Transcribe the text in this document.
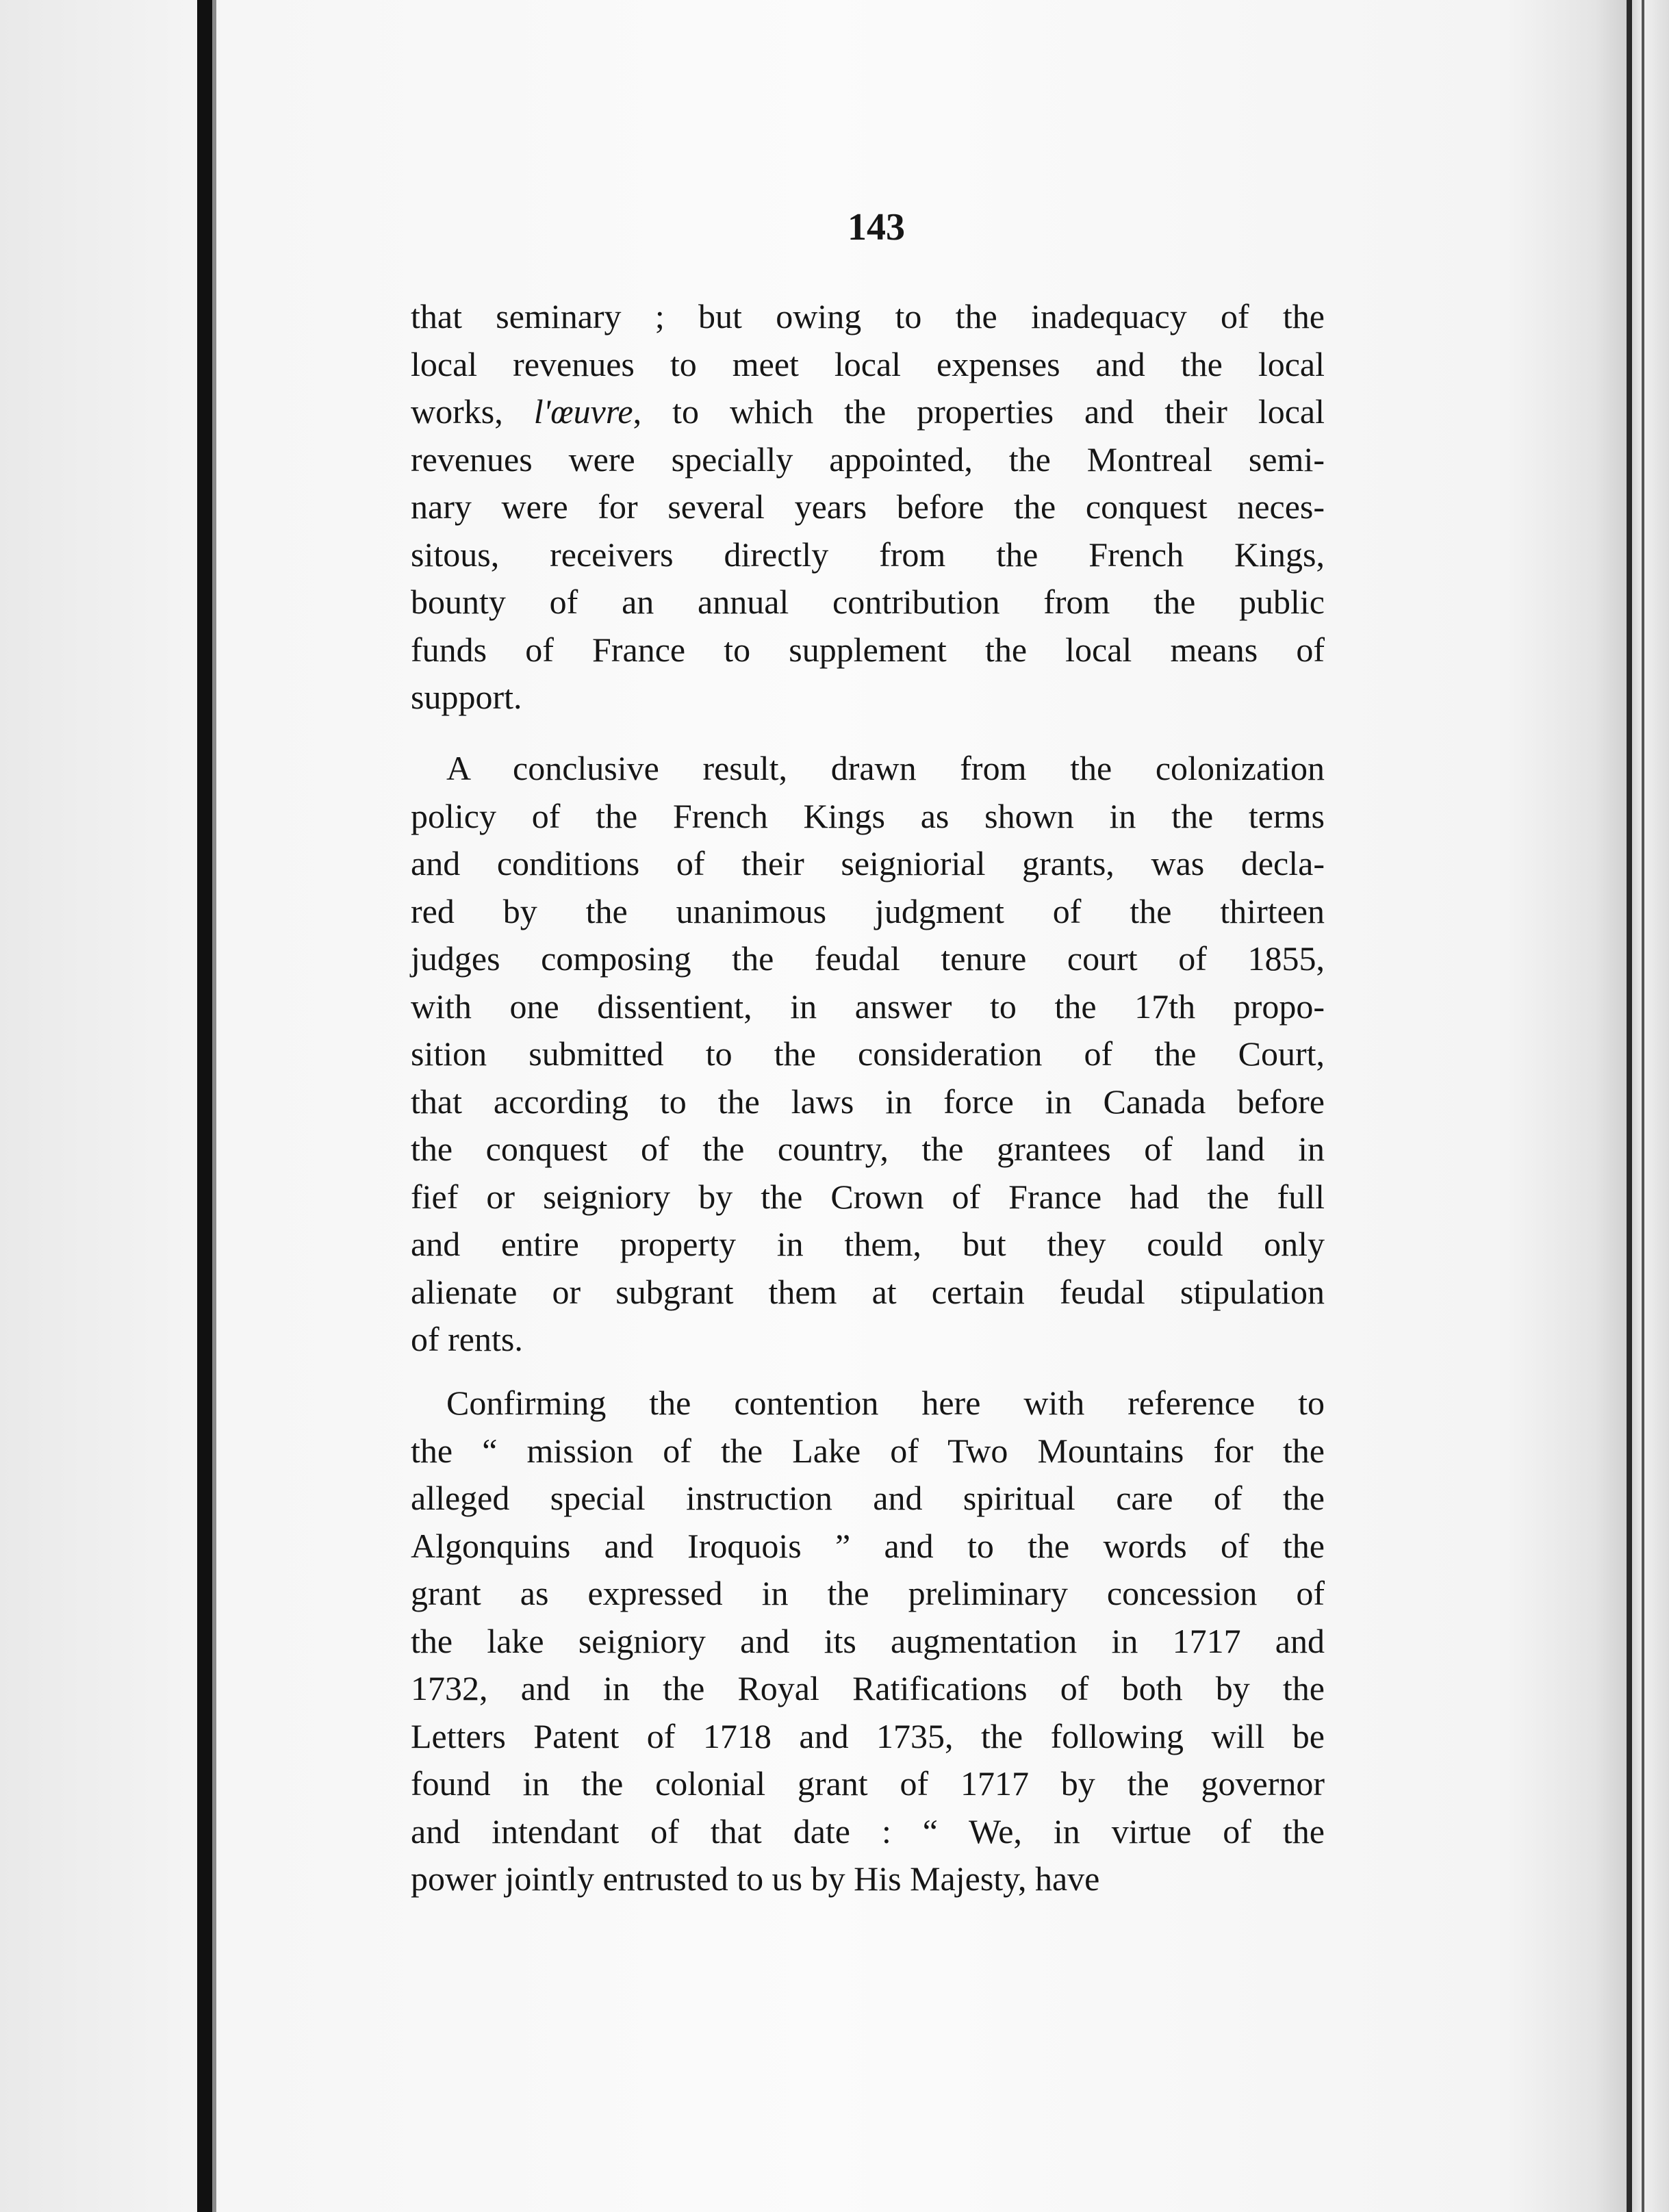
143
that seminary ; but owing to the inadequacy of the
local revenues to meet local expenses and the local
works, l'œuvre, to which the properties and their local
revenues were specially appointed, the Montreal semi-
nary were for several years before the conquest neces-
sitous, receivers directly from the French Kings,
bounty of an annual contribution from the public
funds of France to supplement the local means of
support.
A conclusive result, drawn from the colonization
policy of the French Kings as shown in the terms
and conditions of their seigniorial grants, was decla-
red by the unanimous judgment of the thirteen
judges composing the feudal tenure court of 1855,
with one dissentient, in answer to the 17th propo-
sition submitted to the consideration of the Court,
that according to the laws in force in Canada before
the conquest of the country, the grantees of land in
fief or seigniory by the Crown of France had the full
and entire property in them, but they could only
alienate or subgrant them at certain feudal stipulation
of rents.
Confirming the contention here with reference to
the “ mission of the Lake of Two Mountains for the
alleged special instruction and spiritual care of the
Algonquins and Iroquois ” and to the words of the
grant as expressed in the preliminary concession of
the lake seigniory and its augmentation in 1717 and
1732, and in the Royal Ratifications of both by the
Letters Patent of 1718 and 1735, the following will be
found in the colonial grant of 1717 by the governor
and intendant of that date : “ We, in virtue of the
power jointly entrusted to us by His Majesty, have
